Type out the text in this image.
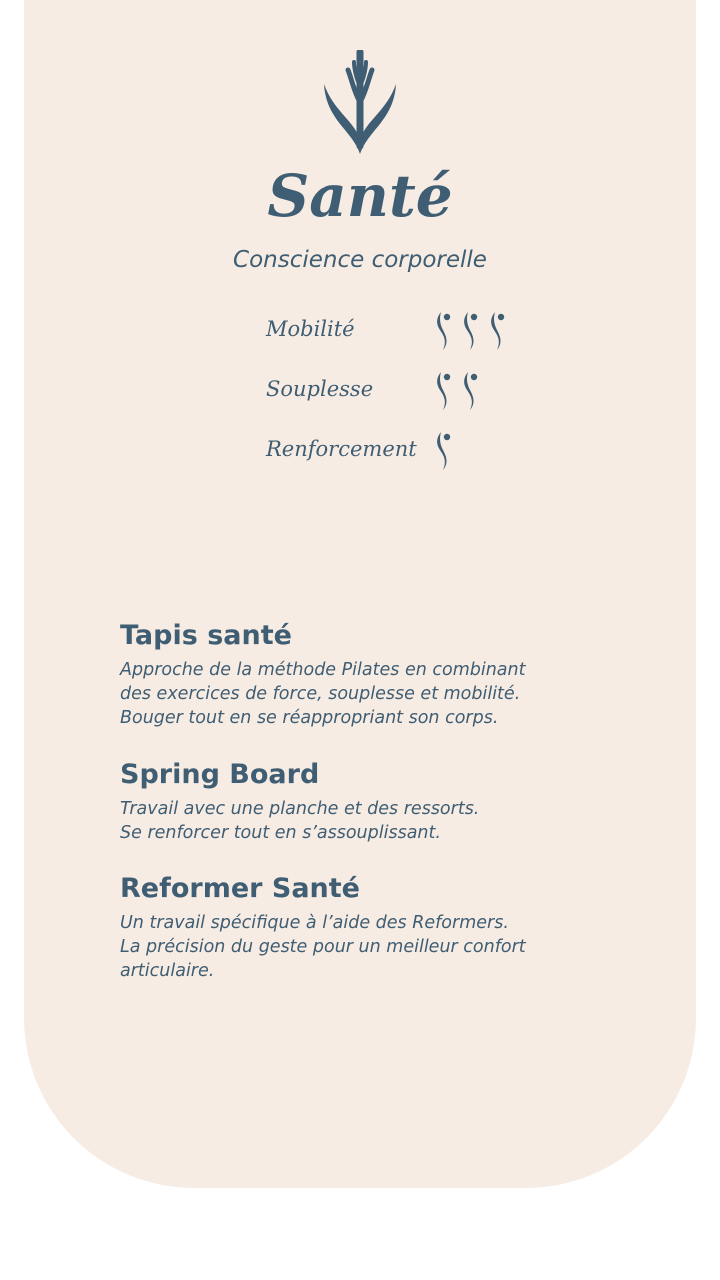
Santé
Conscience corporelle
Mobilité
Souplesse
Renforcement
Tapis santé
Approche de la méthode Pilates en combinant
des exercices de force, souplesse et mobilité.
Bouger tout en se réappropriant son corps.
Spring Board
Travail avec une planche et des ressorts.
Se renforcer tout en s’assouplissant.
Reformer Santé
Un travail spécifique à l’aide des Reformers.
La précision du geste pour un meilleur confort
articulaire.
